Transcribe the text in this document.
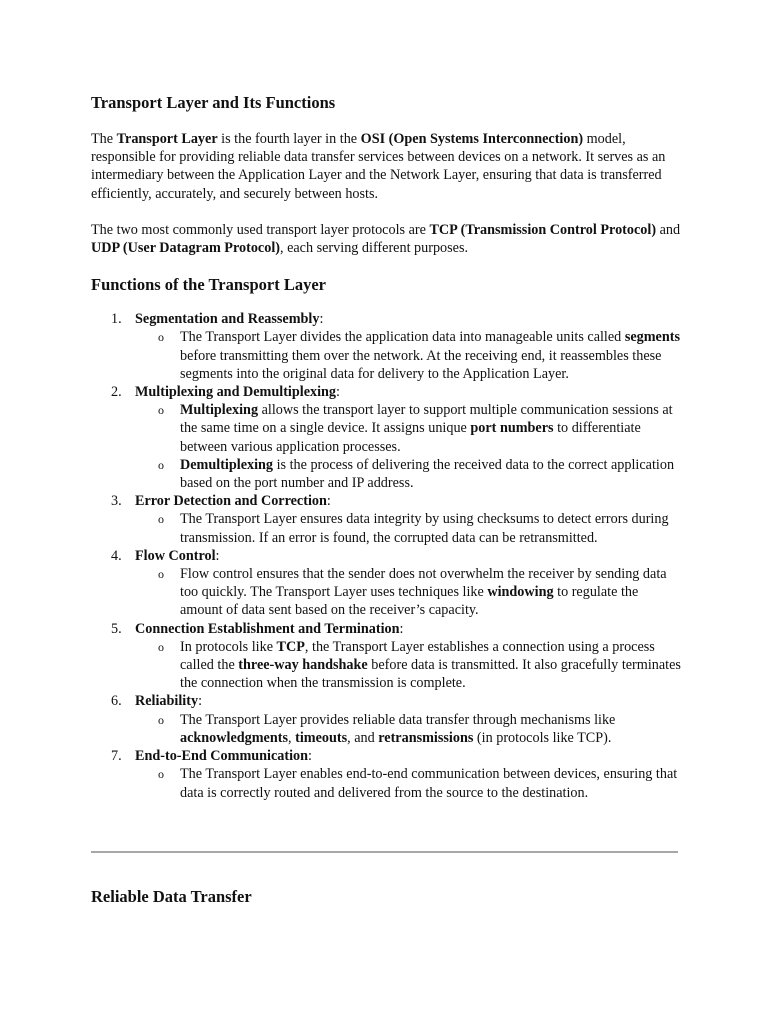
Transport Layer and Its Functions

The Transport Layer is the fourth layer in the OSI (Open Systems Interconnection) model, responsible for providing reliable data transfer services between devices on a network. It serves as an intermediary between the Application Layer and the Network Layer, ensuring that data is transferred efficiently, accurately, and securely between hosts.

The two most commonly used transport layer protocols are TCP (Transmission Control Protocol) and UDP (User Datagram Protocol), each serving different purposes.

Functions of the Transport Layer
1. Segmentation and Reassembly:
o The Transport Layer divides the application data into manageable units called segments before transmitting them over the network. At the receiving end, it reassembles these segments into the original data for delivery to the Application Layer.
2. Multiplexing and Demultiplexing:
o Multiplexing allows the transport layer to support multiple communication sessions at the same time on a single device. It assigns unique port numbers to differentiate between various application processes.
o Demultiplexing is the process of delivering the received data to the correct application based on the port number and IP address.
3. Error Detection and Correction:
o The Transport Layer ensures data integrity by using checksums to detect errors during transmission. If an error is found, the corrupted data can be retransmitted.
4. Flow Control:
o Flow control ensures that the sender does not overwhelm the receiver by sending data too quickly. The Transport Layer uses techniques like windowing to regulate the amount of data sent based on the receiver’s capacity.
5. Connection Establishment and Termination:
o In protocols like TCP, the Transport Layer establishes a connection using a process called the three-way handshake before data is transmitted. It also gracefully terminates the connection when the transmission is complete.
6. Reliability:
o The Transport Layer provides reliable data transfer through mechanisms like acknowledgments, timeouts, and retransmissions (in protocols like TCP).
7. End-to-End Communication:
o The Transport Layer enables end-to-end communication between devices, ensuring that data is correctly routed and delivered from the source to the destination.
Reliable Data Transfer
